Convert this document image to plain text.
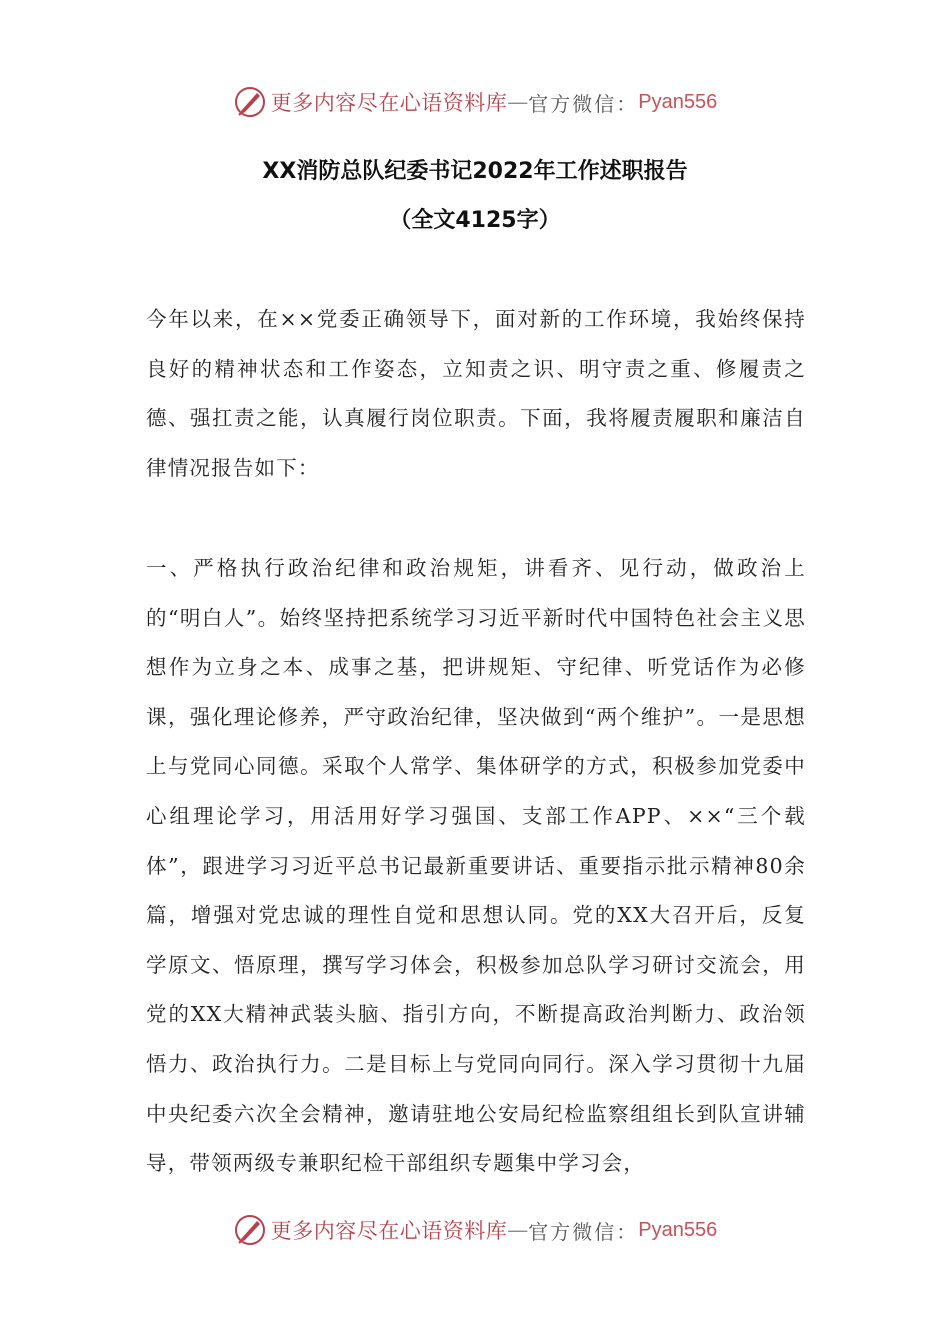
更多内容尽在心语资料库 — 官方微信： Pyan556
XX消防总队纪委书记2022年工作述职报告
（全文4125字）
今年以来，在××党委正确领导下，面对新的工作环境，我始终保持良好的精神状态和工作姿态，立知责之识、明守责之重、修履责之德、强扛责之能，认真履行岗位职责。下面，我将履责履职和廉洁自律情况报告如下：
一、严格执行政治纪律和政治规矩，讲看齐、见行动，做政治上的“明白人”。始终坚持把系统学习习近平新时代中国特色社会主义思想作为立身之本、成事之基，把讲规矩、守纪律、听党话作为必修课，强化理论修养，严守政治纪律，坚决做到“两个维护”。一是思想上与党同心同德。采取个人常学、集体研学的方式，积极参加党委中心组理论学习，用活用好学习强国、支部工作APP、××“三个载体”，跟进学习习近平总书记最新重要讲话、重要指示批示精神80余篇，增强对党忠诚的理性自觉和思想认同。党的XX大召开后，反复学原文、悟原理，撰写学习体会，积极参加总队学习研讨交流会，用党的XX大精神武装头脑、指引方向，不断提高政治判断力、政治领悟力、政治执行力。二是目标上与党同向同行。深入学习贯彻十九届中央纪委六次全会精神，邀请驻地公安局纪检监察组组长到队宣讲辅导，带领两级专兼职纪检干部组织专题集中学习会，
更多内容尽在心语资料库 — 官方微信： Pyan556
